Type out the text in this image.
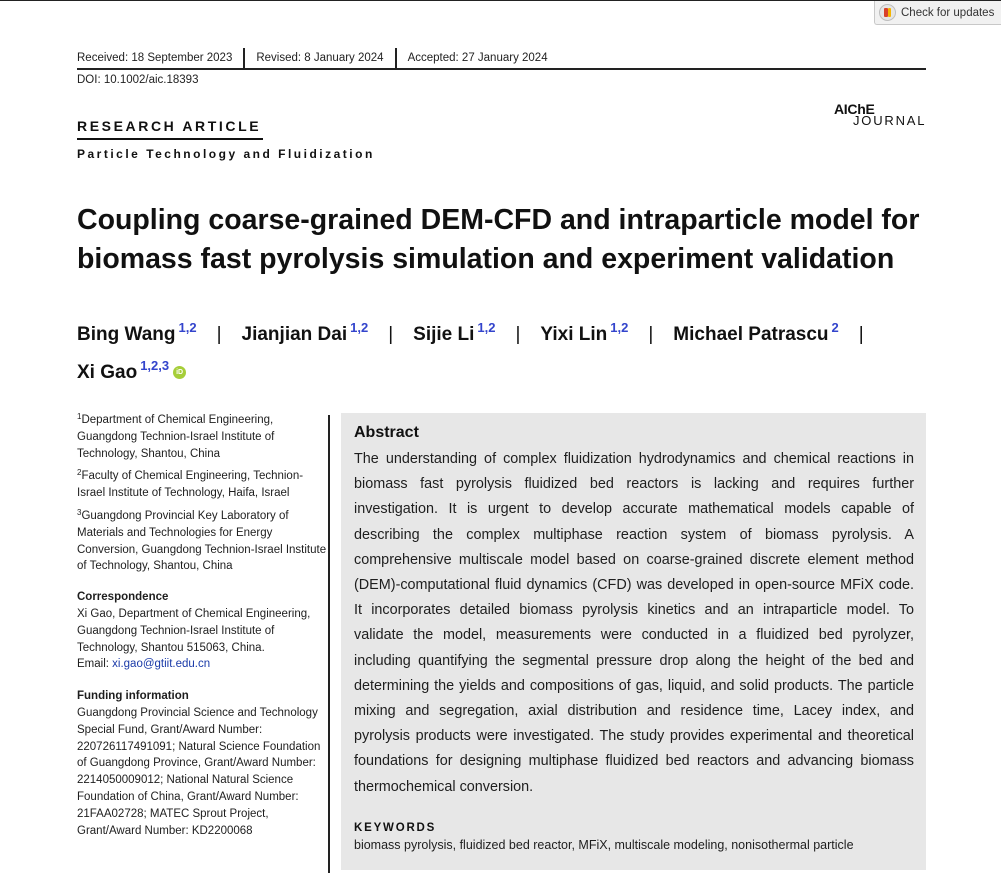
Check for updates
Received: 18 September 2023	Revised: 8 January 2024	Accepted: 27 January 2024
DOI: 10.1002/aic.18393
AIChE
JOURNAL
RESEARCH ARTICLE
Particle Technology and Fluidization
Coupling coarse-grained DEM-CFD and intraparticle model for biomass fast pyrolysis simulation and experiment validation
Bing Wang $^{1,2}$ | Jianjian Dai $^{1,2}$ | Sijie Li $^{1,2}$ | Yixi Lin $^{1,2}$ | Michael Patrascu $^2$ |
Xi Gao $^{1,2,3}$iD
$^1$Department of Chemical Engineering, Guangdong Technion-Israel Institute of Technology, Shantou, China
$^2$Faculty of Chemical Engineering, Technion-Israel Institute of Technology, Haifa, Israel
$^3$Guangdong Provincial Key Laboratory of Materials and Technologies for Energy Conversion, Guangdong Technion-Israel Institute of Technology, Shantou, China
Correspondence
Xi Gao, Department of Chemical Engineering, Guangdong Technion-Israel Institute of Technology, Shantou 515063, China.
Email: xi.gao@gtiit.edu.cn
Funding information
Guangdong Provincial Science and Technology Special Fund, Grant/Award Number: 220726117491091; Natural Science Foundation of Guangdong Province, Grant/Award Number: 2214050009012; National Natural Science Foundation of China, Grant/Award Number: 21FAA02728; MATEC Sprout Project, Grant/Award Number: KD2200068
Abstract

The understanding of complex fluidization hydrodynamics and chemical reactions in biomass fast pyrolysis fluidized bed reactors is lacking and requires further investigation. It is urgent to develop accurate mathematical models capable of describing the complex multiphase reaction system of biomass pyrolysis. A comprehensive multiscale model based on coarse-grained discrete element method (DEM)-computational fluid dynamics (CFD) was developed in open-source MFiX code. It incorporates detailed biomass pyrolysis kinetics and an intraparticle model. To validate the model, measurements were conducted in a fluidized bed pyrolyzer, including quantifying the segmental pressure drop along the height of the bed and determining the yields and compositions of gas, liquid, and solid products. The particle mixing and segregation, axial distribution and residence time, Lacey index, and pyrolysis products were investigated. The study provides experimental and theoretical foundations for designing multiphase fluidized bed reactors and advancing biomass thermochemical conversion.

KEYWORDS
biomass pyrolysis, fluidized bed reactor, MFiX, multiscale modeling, nonisothermal particle
